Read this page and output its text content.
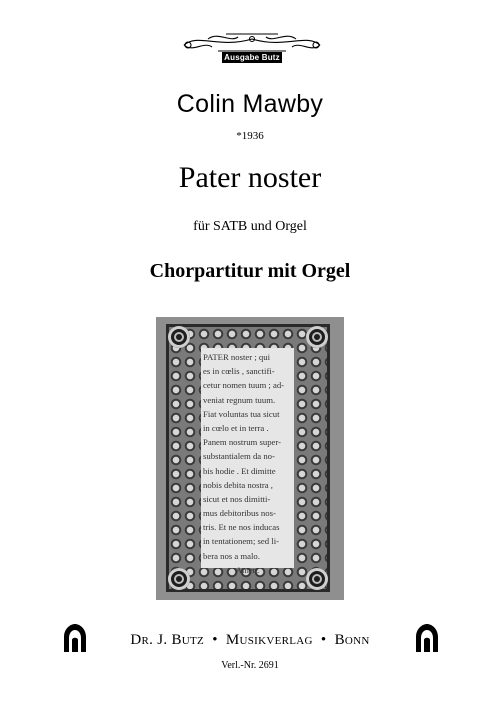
Ausgabe Butz
Colin Mawby
*1936
Pater noster
für SATB und Orgel
Chorpartitur mit Orgel
PATER noster ; qui
es in cœlis , sanctifi-
cetur nomen tuum ; ad-
veniat regnum tuum.
Fiat voluntas tua sicut
in cœlo et in terra .
Panem nostrum super-
substantialem da no-
bis hodie . Et dimitte
nobis debita nostra ,
sicut et nos dimitti-
mus debitoribus nos-
tris. Et ne nos inducas
in tentationem; sed li-
bera nos a malo.
Amen.
Dr. J. Butz • Musikverlag • Bonn
Verl.-Nr. 2691
